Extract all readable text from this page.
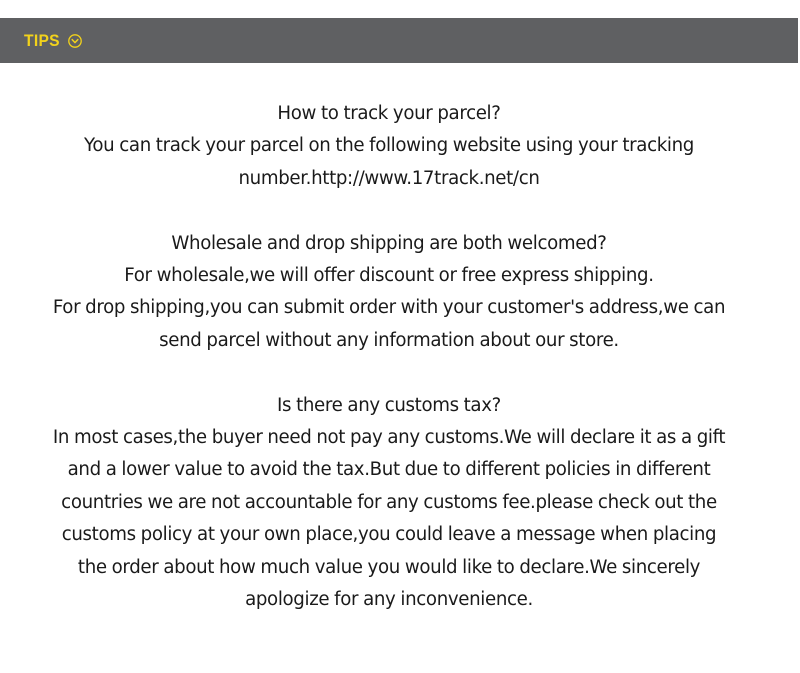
TIPS
How to track your parcel?
You can track your parcel on the following website using your tracking
number.http://www.17track.net/cn
Wholesale and drop shipping are both welcomed?
For wholesale,we will offer discount or free express shipping.
For drop shipping,you can submit order with your customer's address,we can
send parcel without any information about our store.
Is there any customs tax?
In most cases,the buyer need not pay any customs.We will declare it as a gift
and a lower value to avoid the tax.But due to different policies in different
countries we are not accountable for any customs fee.please check out the
customs policy at your own place,you could leave a message when placing
the order about how much value you would like to declare.We sincerely
apologize for any inconvenience.
